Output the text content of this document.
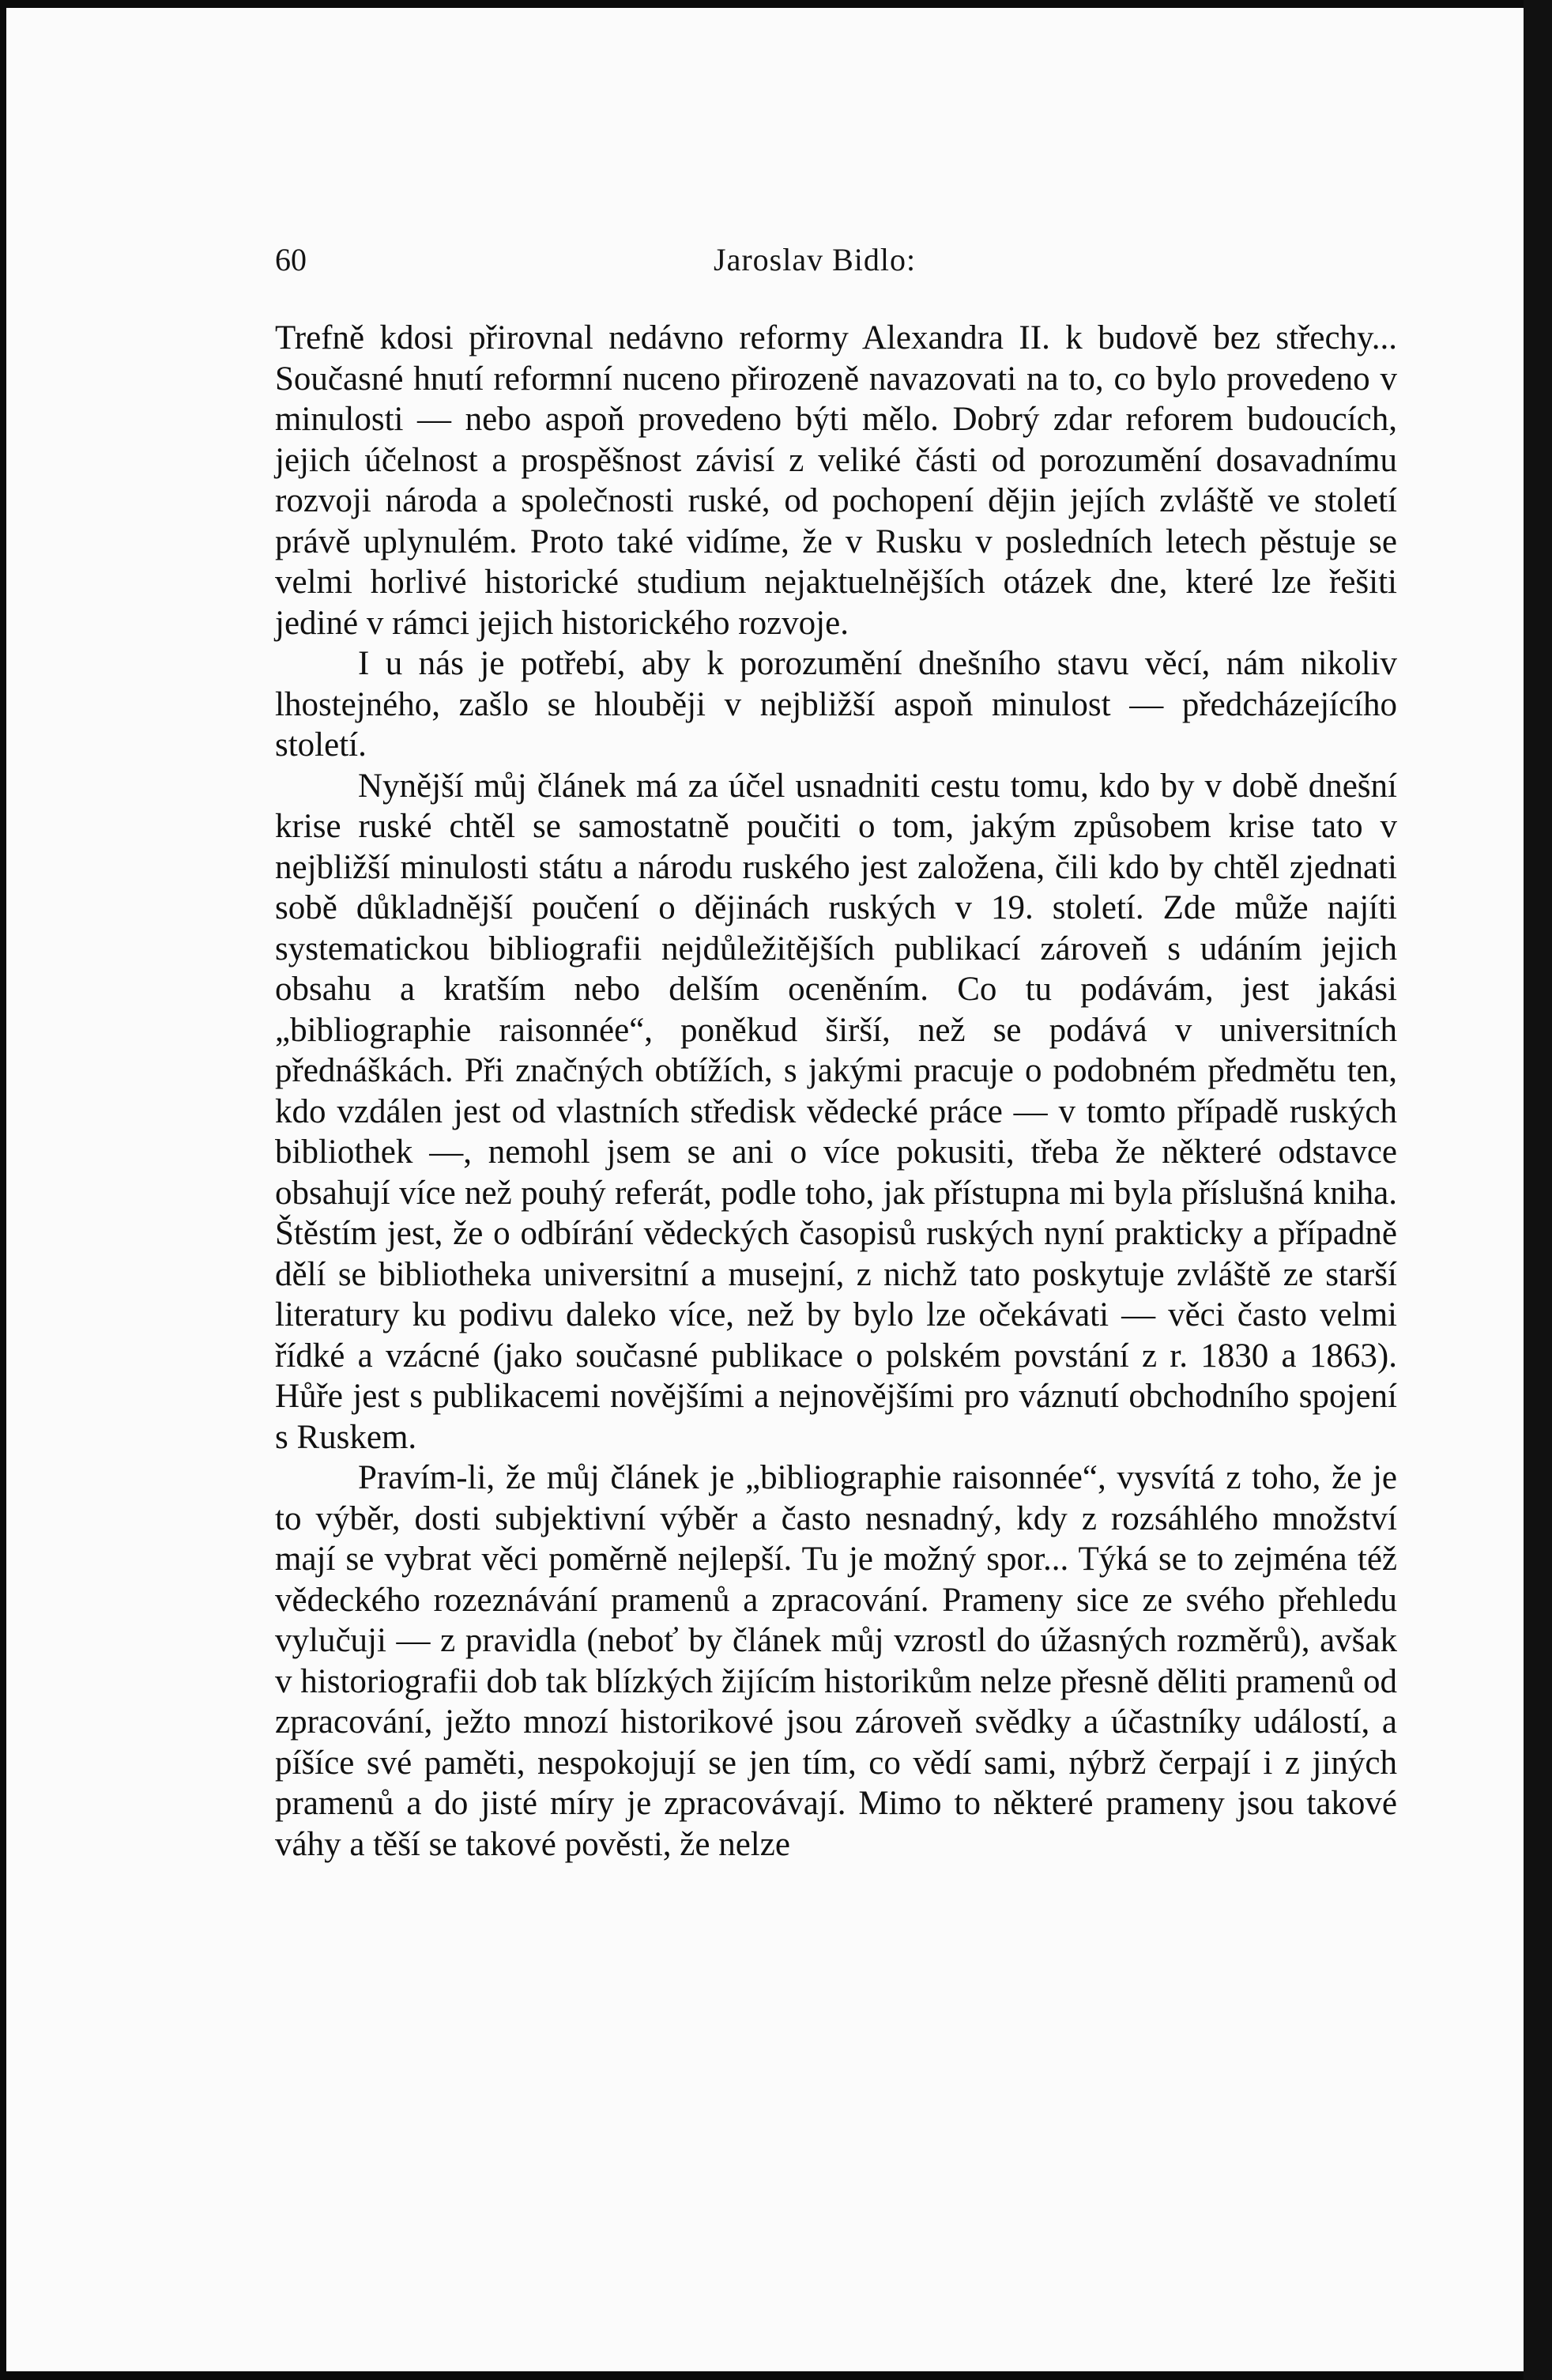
60	Jaroslav Bidlo:

Trefně kdosi přirovnal nedávno reformy Alexandra II. k budově bez střechy... Současné hnutí reformní nuceno přirozeně navazovati na to, co bylo provedeno v minulosti — nebo aspoň provedeno býti mělo. Dobrý zdar reforem budoucích, jejich účelnost a prospěšnost závisí z veliké části od porozumění dosavadnímu rozvoji národa a společnosti ruské, od pochopení dějin jejích zvláště ve století právě uplynulém. Proto také vidíme, že v Rusku v posledních letech pěstuje se velmi horlivé historické studium nejaktuelnějších otázek dne, které lze řešiti jediné v rámci jejich historického rozvoje.

I u nás je potřebí, aby k porozumění dnešního stavu věcí, nám nikoliv lhostejného, zašlo se hlouběji v nejbližší aspoň minulost — předcházejícího století.

Nynější můj článek má za účel usnadniti cestu tomu, kdo by v době dnešní krise ruské chtěl se samostatně poučiti o tom, jakým způsobem krise tato v nejbližší minulosti státu a národu ruského jest založena, čili kdo by chtěl zjednati sobě důkladnější poučení o dějinách ruských v 19. století. Zde může najíti systematickou bibliografii nejdůležitějších publikací zároveň s udáním jejich obsahu a kratším nebo delším oceněním. Co tu podávám, jest jakási „bibliographie raisonnée“, poněkud širší, než se podává v universitních přednáškách. Při značných obtížích, s jakými pracuje o podobném předmětu ten, kdo vzdálen jest od vlastních středisk vědecké práce — v tomto případě ruských bibliothek —, nemohl jsem se ani o více pokusiti, třeba že některé odstavce obsahují více než pouhý referát, podle toho, jak přístupna mi byla příslušná kniha. Štěstím jest, že o odbírání vědeckých časopisů ruských nyní prakticky a případně dělí se bibliotheka universitní a musejní, z nichž tato poskytuje zvláště ze starší literatury ku podivu daleko více, než by bylo lze očekávati — věci často velmi řídké a vzácné (jako současné publikace o polském povstání z r. 1830 a 1863). Hůře jest s publikacemi novějšími a nejnovějšími pro váznutí obchodního spojení s Ruskem.

Pravím-li, že můj článek je „bibliographie raisonnée“, vysvítá z toho, že je to výběr, dosti subjektivní výběr a často nesnadný, kdy z rozsáhlého množství mají se vybrat věci poměrně nejlepší. Tu je možný spor... Týká se to zejména též vědeckého rozeznávání pramenů a zpracování. Prameny sice ze svého přehledu vylučuji — z pravidla (neboť by článek můj vzrostl do úžasných rozměrů), avšak v historiografii dob tak blízkých žijícím historikům nelze přesně děliti pramenů od zpracování, ježto mnozí historikové jsou zároveň svědky a účastníky událostí, a píšíce své paměti, nespokojují se jen tím, co vědí sami, nýbrž čerpají i z jiných pramenů a do jisté míry je zpracovávají. Mimo to některé prameny jsou takové váhy a těší se takové pověsti, že nelze
